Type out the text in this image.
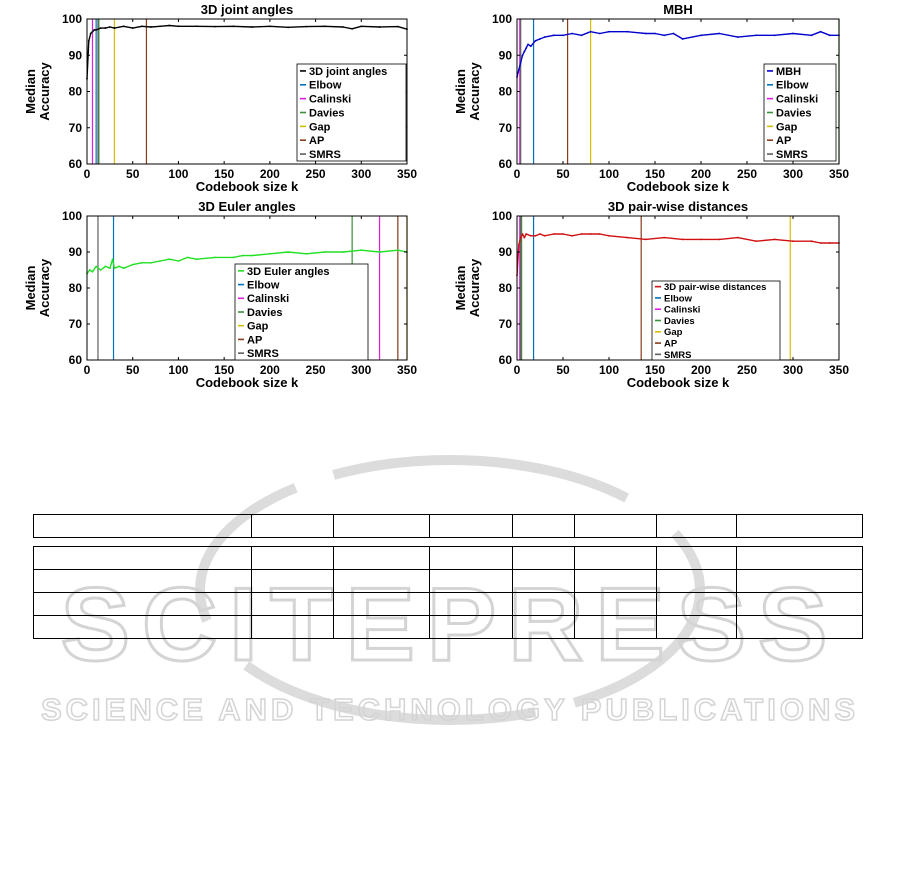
SCITEPRESS
SCIENCE AND TECHNOLOGY PUBLICATIONS
3D joint angles
Codebook size k
MedianAccuracy
0	50 100 150 200 250 300 350
60
70
80
90
100
3D joint angles
Elbow
Calinski
Davies
Gap
AP
SMRS
MBH
Codebook size k
MedianAccuracy
0	50 100 150 200 250 300 350
60
70
80
90
100
MBH
Elbow
Calinski
Davies
Gap
AP
SMRS
3D Euler angles
Codebook size k
MedianAccuracy
0	50 100 150 200 250 300 350
60
70
80
90
100
3D Euler angles
Elbow
Calinski
Davies
Gap
AP
SMRS
3D pair-wise distances
Codebook size k
MedianAccuracy
0	50 100 150 200 250 300 350
60
70
80
90
100
3D pair-wise distances
Elbow
Calinski
Davies
Gap
AP
SMRS
